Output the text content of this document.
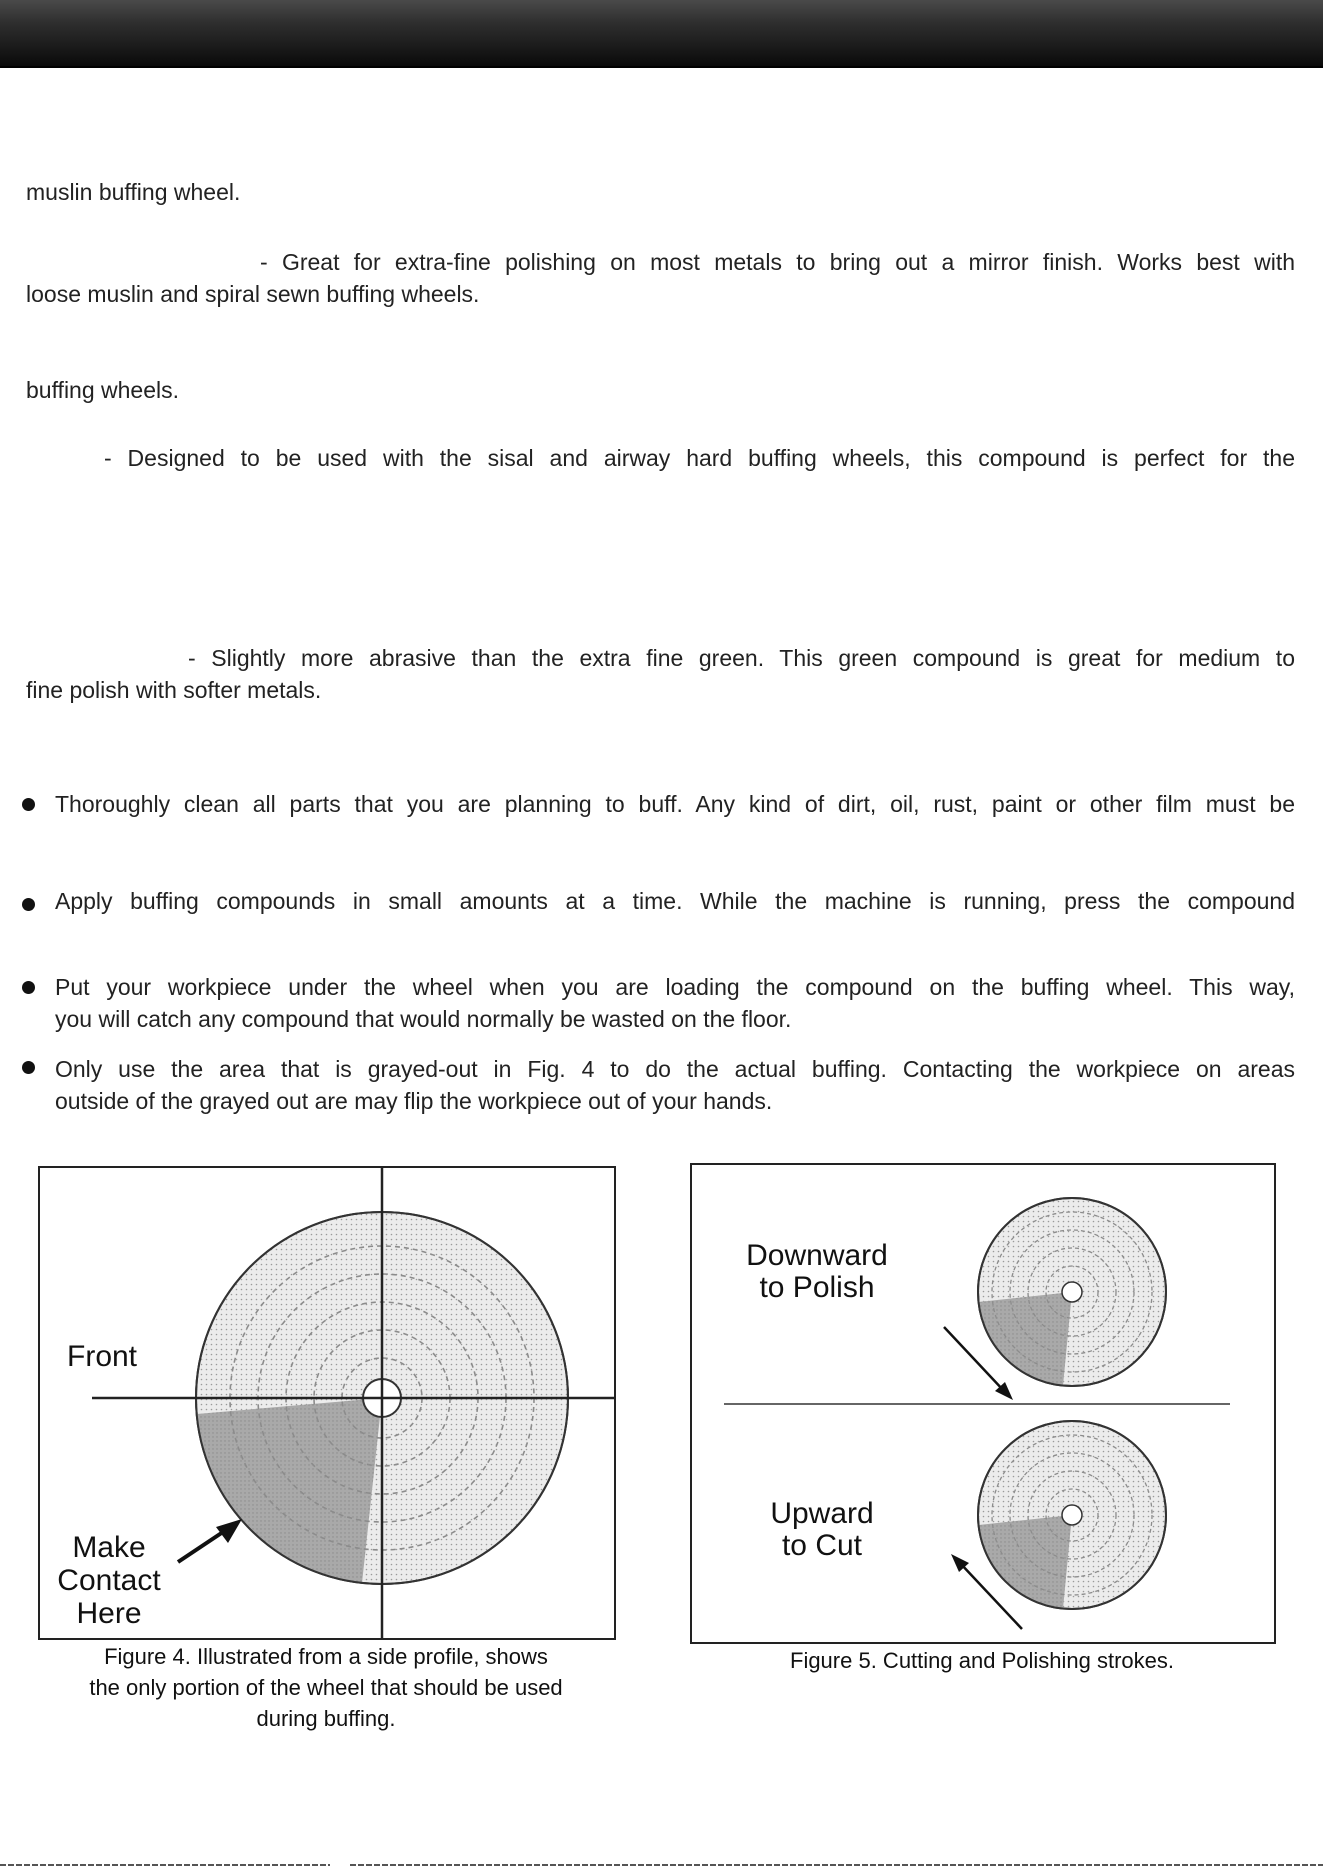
muslin buffing wheel.
- Great for extra-fine polishing on most metals to bring out a mirror finish. Works best with
loose muslin and spiral sewn buffing wheels.
buffing wheels.
- Designed to be used with the sisal and airway hard buffing wheels, this compound is perfect for the
- Slightly more abrasive than the extra fine green. This green compound is great for medium to
fine polish with softer metals.
Thoroughly clean all parts that you are planning to buff. Any kind of dirt, oil, rust, paint or other film must be
Apply buffing compounds in small amounts at a time. While the machine is running, press the compound
Put your workpiece under the wheel when you are loading the compound on the buffing wheel. This way,
you will catch any compound that would normally be wasted on the floor.
Only use the area that is grayed-out in Fig. 4 to do the actual buffing. Contacting the workpiece on areas
outside of the grayed out are may flip the workpiece out of your hands.
Front
Make
Contact
Here
Figure 4. Illustrated from a side profile, shows
the only portion of the wheel that should be used
during buffing.
Downward
to Polish
Upward
to Cut
Figure 5. Cutting and Polishing strokes.
